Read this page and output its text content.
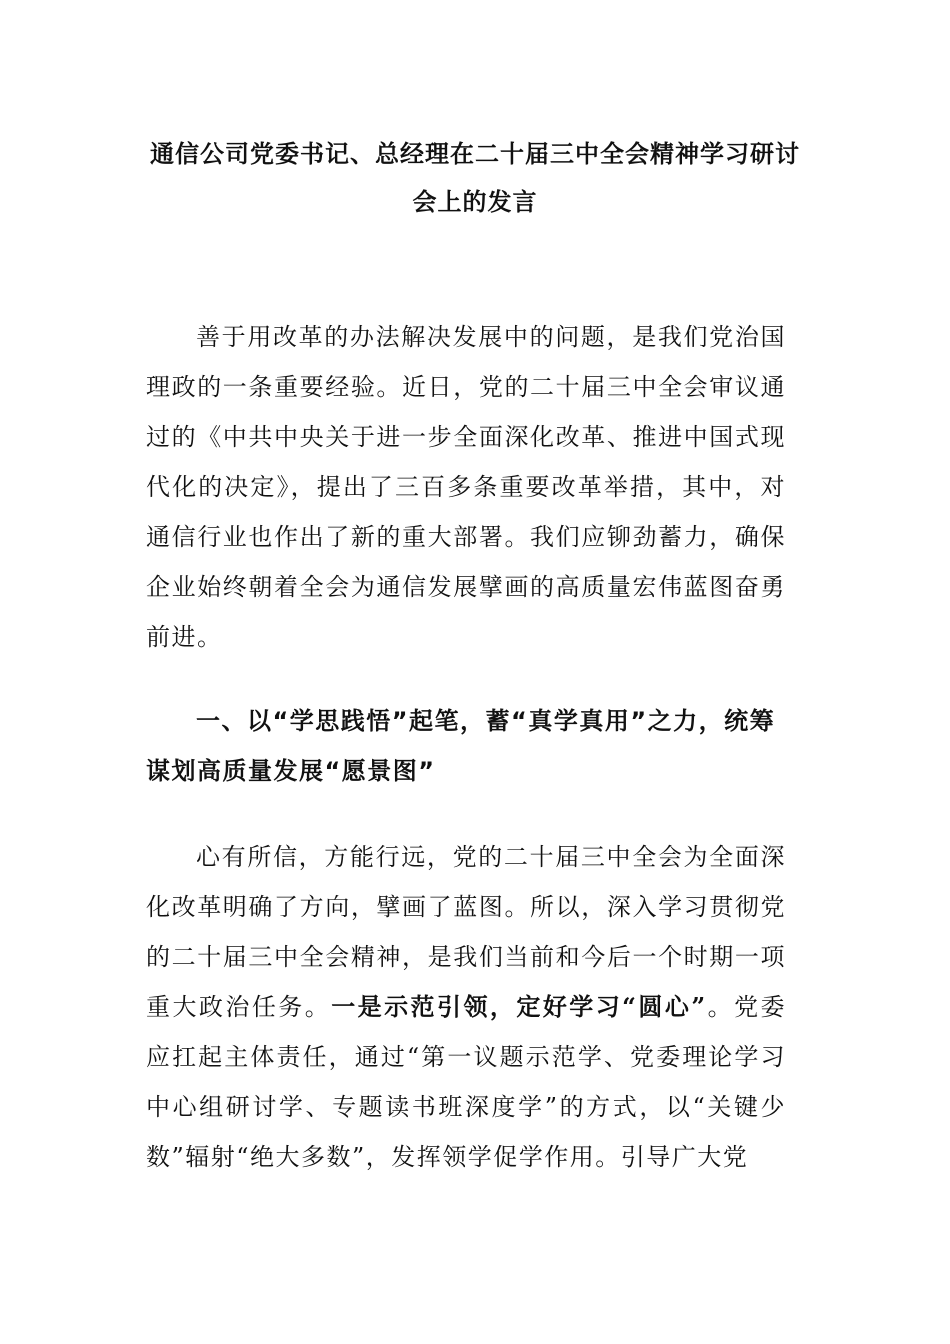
通信公司党委书记、总经理在二十届三中全会精神学习研讨会上的发言

善于用改革的办法解决发展中的问题，是我们党治国理政的一条重要经验。近日，党的二十届三中全会审议通过的《中共中央关于进一步全面深化改革、推进中国式现代化的决定》，提出了三百多条重要改革举措，其中，对通信行业也作出了新的重大部署。我们应铆劲蓄力，确保企业始终朝着全会为通信发展擘画的高质量宏伟蓝图奋勇前进。

一、以“学思践悟”起笔，蓄“真学真用”之力，统筹谋划高质量发展“愿景图”

心有所信，方能行远，党的二十届三中全会为全面深化改革明确了方向，擘画了蓝图。所以，深入学习贯彻党的二十届三中全会精神，是我们当前和今后一个时期一项重大政治任务。一是示范引领，定好学习“圆心”。党委应扛起主体责任，通过“第一议题示范学、党委理论学习中心组研讨学、专题读书班深度学”的方式，以“关键少数”辐射“绝大多数”，发挥领学促学作用。引导广大党
